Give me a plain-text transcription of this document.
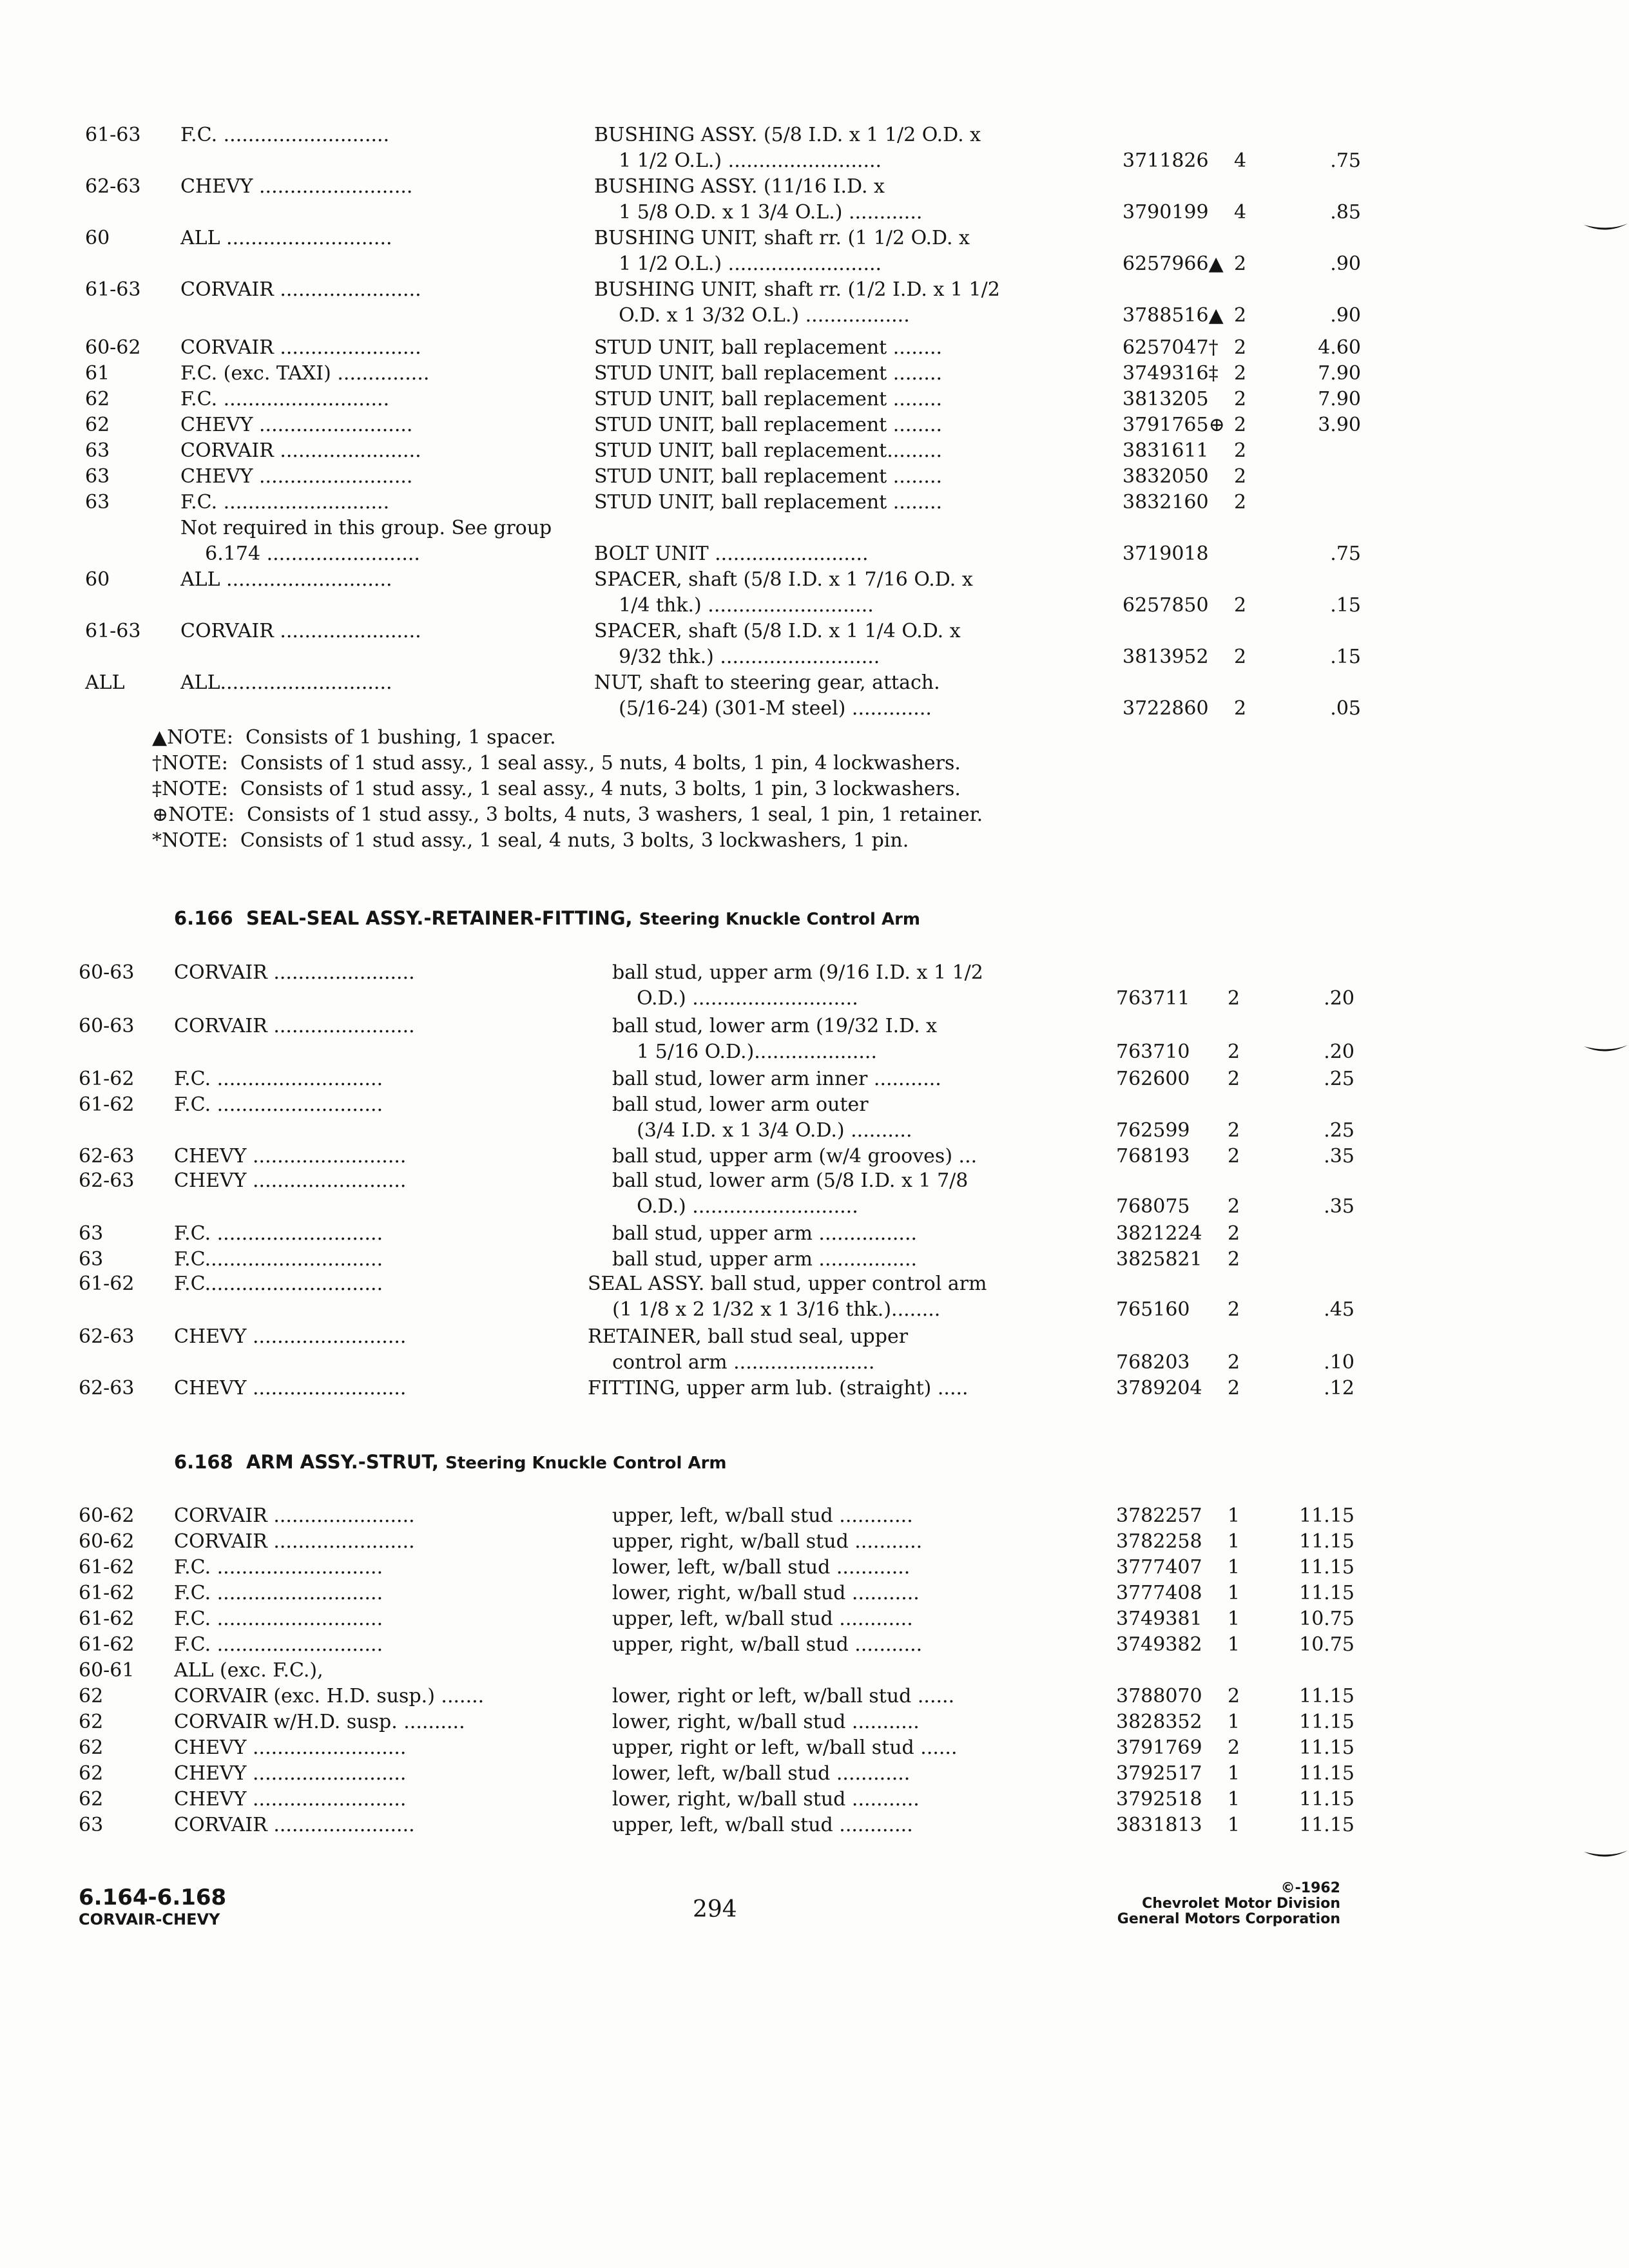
61-63 F.C. ...........................	BUSHING ASSY. (5/8 I.D. x 1 1/2 O.D. x
1 1/2 O.L.) .........................	3711826 4	.75
62-63 CHEVY .........................	BUSHING ASSY. (11/16 I.D. x
1 5/8 O.D. x 1 3/4 O.L.) ............	3790199 4	.85
60	ALL ...........................	BUSHING UNIT, shaft rr. (1 1/2 O.D. x
1 1/2 O.L.) .........................	6257966▲ 2	.90
61-63 CORVAIR .......................	BUSHING UNIT, shaft rr. (1/2 I.D. x 1 1/2
O.D. x 1 3/32 O.L.) .................	3788516▲ 2	.90
60-62 CORVAIR .......................	STUD UNIT, ball replacement ........	6257047† 2	4.60
61	F.C. (exc. TAXI) ...............	STUD UNIT, ball replacement ........	3749316‡ 2	7.90
62	F.C. ...........................	STUD UNIT, ball replacement ........	3813205 2	7.90
62	CHEVY .........................	STUD UNIT, ball replacement ........	3791765⊕ 2	3.90
63	CORVAIR .......................	STUD UNIT, ball replacement.........	3831611 2
63	CHEVY .........................	STUD UNIT, ball replacement ........	3832050 2
63	F.C. ...........................	STUD UNIT, ball replacement ........	3832160 2
Not required in this group. See group
6.174 .........................	BOLT UNIT .........................	3719018	.75
60	ALL ...........................	SPACER, shaft (5/8 I.D. x 1 7/16 O.D. x
1/4 thk.) ...........................	6257850 2	.15
61-63 CORVAIR .......................	SPACER, shaft (5/8 I.D. x 1 1/4 O.D. x
9/32 thk.) ..........................	3813952 2	.15
ALL	ALL............................	NUT, shaft to steering gear, attach.
(5/16-24) (301-M steel) .............	3722860 2	.05
▲NOTE:  Consists of 1 bushing, 1 spacer.
†NOTE:  Consists of 1 stud assy., 1 seal assy., 5 nuts, 4 bolts, 1 pin, 4 lockwashers.
‡NOTE:  Consists of 1 stud assy., 1 seal assy., 4 nuts, 3 bolts, 1 pin, 3 lockwashers.
⊕NOTE:  Consists of 1 stud assy., 3 bolts, 4 nuts, 3 washers, 1 seal, 1 pin, 1 retainer.
*NOTE:  Consists of 1 stud assy., 1 seal, 4 nuts, 3 bolts, 3 lockwashers, 1 pin.
6.166 SEAL-SEAL ASSY.-RETAINER-FITTING, Steering Knuckle Control Arm
60-63 CORVAIR .......................	ball stud, upper arm (9/16 I.D. x 1 1/2
O.D.) ...........................	763711 2	.20
60-63 CORVAIR .......................	ball stud, lower arm (19/32 I.D. x
1 5/16 O.D.)....................	763710 2	.20
61-62 F.C. ...........................	ball stud, lower arm inner ...........	762600 2	.25
61-62 F.C. ...........................	ball stud, lower arm outer
(3/4 I.D. x 1 3/4 O.D.) ..........	762599 2	.25
62-63 CHEVY .........................	ball stud, upper arm (w/4 grooves) ...	768193 2	.35
62-63 CHEVY .........................	ball stud, lower arm (5/8 I.D. x 1 7/8
O.D.) ...........................	768075 2	.35
63	F.C. ...........................	ball stud, upper arm ................	3821224 2
63	F.C.............................	ball stud, upper arm ................	3825821 2
61-62 F.C.............................	SEAL ASSY. ball stud, upper control arm
(1 1/8 x 2 1/32 x 1 3/16 thk.)........	765160 2	.45
62-63 CHEVY .........................	RETAINER, ball stud seal, upper
control arm .......................	768203 2	.10
62-63 CHEVY .........................	FITTING, upper arm lub. (straight) .....	3789204 2	.12
6.168 ARM ASSY.-STRUT, Steering Knuckle Control Arm
60-62 CORVAIR .......................	upper, left, w/ball stud ............	3782257 1	11.15
60-62 CORVAIR .......................	upper, right, w/ball stud ...........	3782258 1	11.15
61-62 F.C. ...........................	lower, left, w/ball stud ............	3777407 1	11.15
61-62 F.C. ...........................	lower, right, w/ball stud ...........	3777408 1	11.15
61-62 F.C. ...........................	upper, left, w/ball stud ............	3749381 1	10.75
61-62 F.C. ...........................	upper, right, w/ball stud ...........	3749382 1	10.75
60-61 ALL (exc. F.C.),
62	CORVAIR (exc. H.D. susp.) .......	lower, right or left, w/ball stud ......	3788070 2	11.15
62	CORVAIR w/H.D. susp. ..........	lower, right, w/ball stud ...........	3828352 1	11.15
62	CHEVY .........................	upper, right or left, w/ball stud ......	3791769 2	11.15
62	CHEVY .........................	lower, left, w/ball stud ............	3792517 1	11.15
62	CHEVY .........................	lower, right, w/ball stud ...........	3792518 1	11.15
63	CORVAIR .......................	upper, left, w/ball stud ............	3831813 1	11.15
6.164-6.168
CORVAIR-CHEVY	294
©-1962
Chevrolet Motor Division
General Motors Corporation
